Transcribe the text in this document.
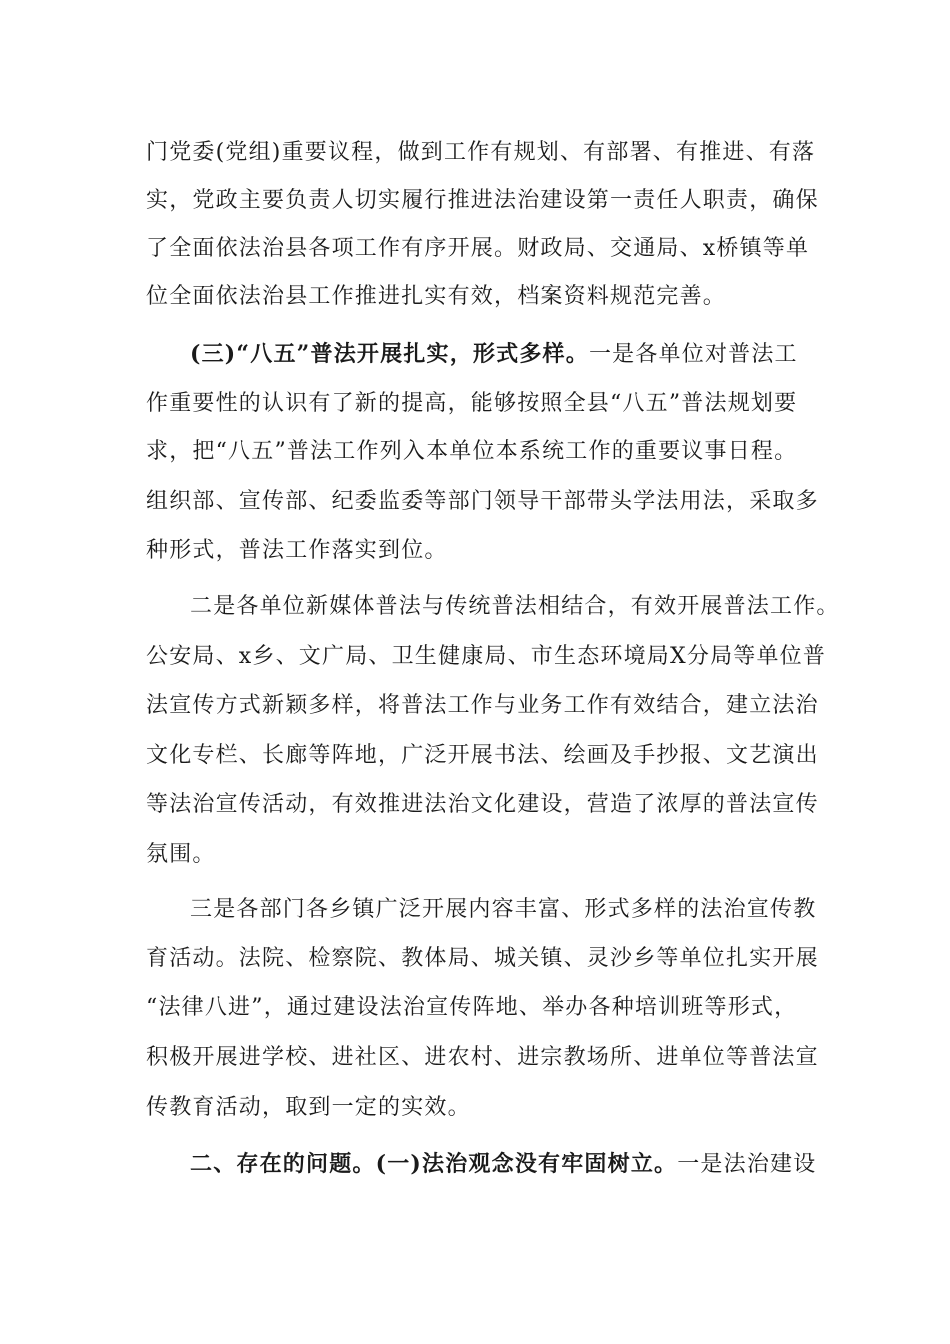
门党委(党组)重要议程，做到工作有规划、有部署、有推进、有落
实，党政主要负责人切实履行推进法治建设第一责任人职责，确保
了全面依法治县各项工作有序开展。财政局、交通局、x桥镇等单
位全面依法治县工作推进扎实有效，档案资料规范完善。
(三)“八五”普法开展扎实，形式多样。一是各单位对普法工
作重要性的认识有了新的提高，能够按照全县“八五”普法规划要
求，把“八五”普法工作列入本单位本系统工作的重要议事日程。
组织部、宣传部、纪委监委等部门领导干部带头学法用法，采取多
种形式，普法工作落实到位。
二是各单位新媒体普法与传统普法相结合，有效开展普法工作。
公安局、x乡、文广局、卫生健康局、市生态环境局X分局等单位普
法宣传方式新颖多样，将普法工作与业务工作有效结合，建立法治
文化专栏、长廊等阵地，广泛开展书法、绘画及手抄报、文艺演出
等法治宣传活动，有效推进法治文化建设，营造了浓厚的普法宣传
氛围。
三是各部门各乡镇广泛开展内容丰富、形式多样的法治宣传教
育活动。法院、检察院、教体局、城关镇、灵沙乡等单位扎实开展
“法律八进”，通过建设法治宣传阵地、举办各种培训班等形式，
积极开展进学校、进社区、进农村、进宗教场所、进单位等普法宣
传教育活动，取到一定的实效。
二、存在的问题。(一)法治观念没有牢固树立。一是法治建设
